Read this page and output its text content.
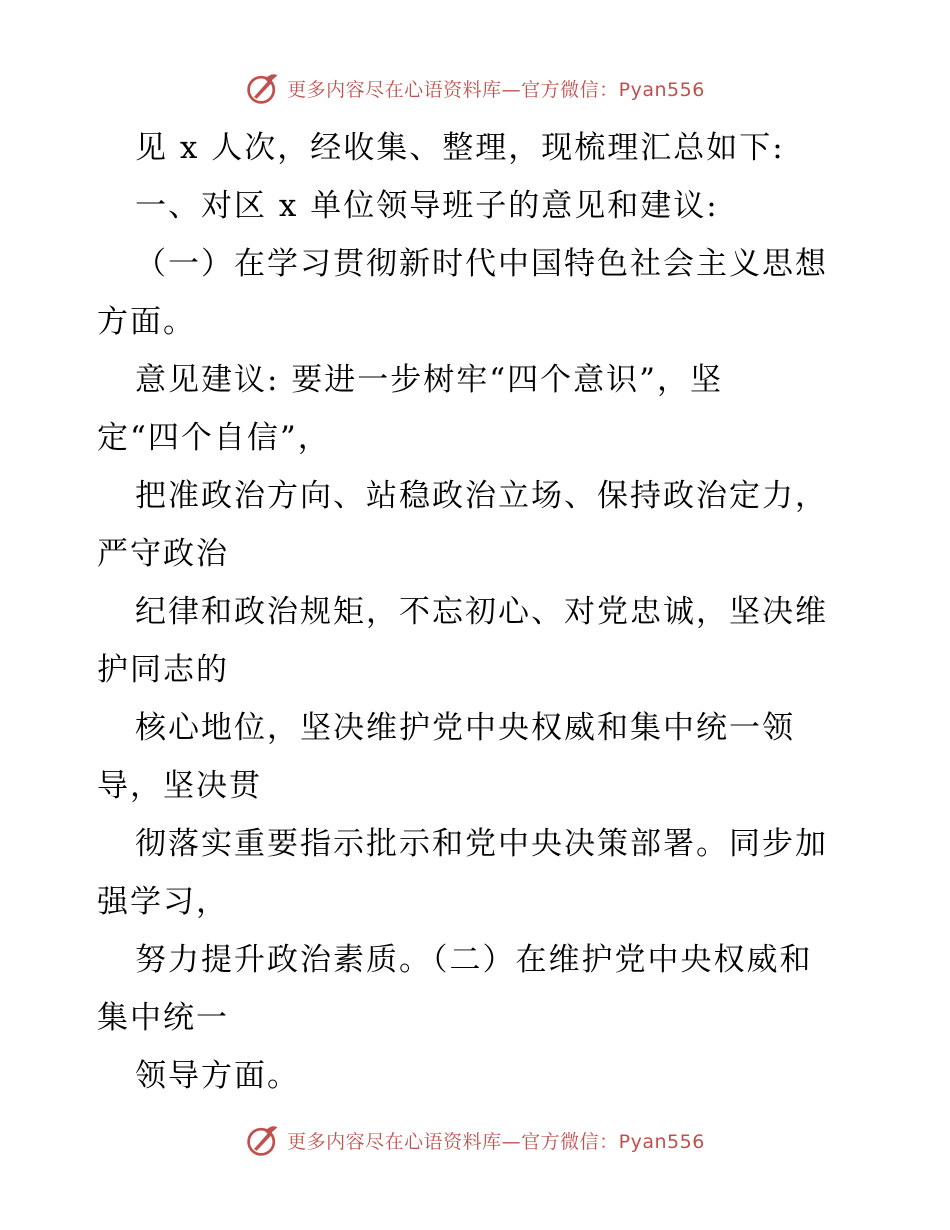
更多内容尽在心语资料库—官方微信：Pyan556
见 x 人次，经收集、整理，现梳理汇总如下:
一、对区 x 单位领导班子的意见和建议:
（一）在学习贯彻新时代中国特色社会主义思想
方面。
意见建议: 要进一步树牢“四个意识”，坚
定“四个自信”，
把准政治方向、站稳政治立场、保持政治定力，
严守政治
纪律和政治规矩，不忘初心、对党忠诚，坚决维
护同志的
核心地位，坚决维护党中央权威和集中统一领
导，坚决贯
彻落实重要指示批示和党中央决策部署。同步加
强学习，
努力提升政治素质。（二）在维护党中央权威和
集中统一
领导方面。
更多内容尽在心语资料库—官方微信：Pyan556
